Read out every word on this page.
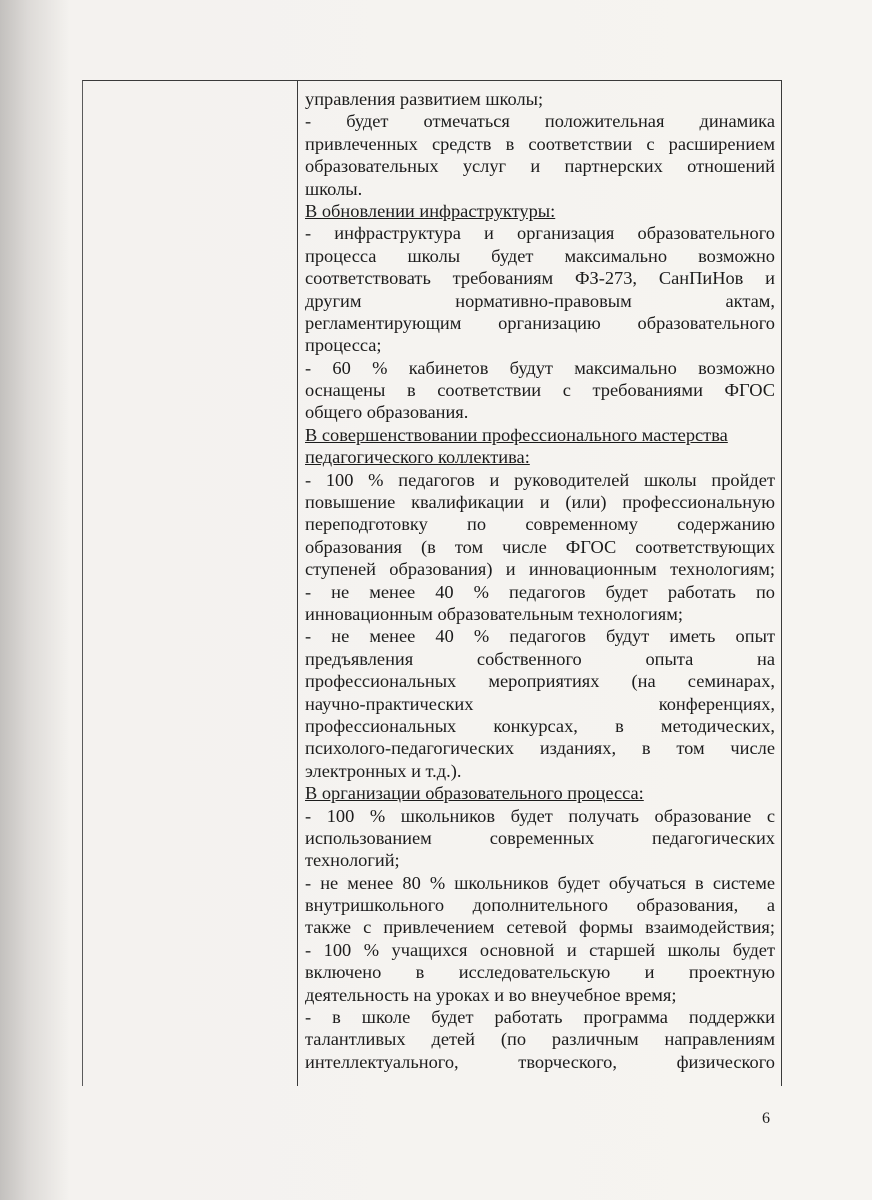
управления развитием школы;
- будет отмечаться положительная динамика
привлеченных средств в соответствии с расширением
образовательных услуг и партнерских отношений
школы.
В обновлении инфраструктуры:
- инфраструктура и организация образовательного
процесса школы будет максимально возможно
соответствовать требованиям ФЗ-273, СанПиНов и
другим нормативно-правовым актам,
регламентирующим организацию образовательного
процесса;
- 60 % кабинетов будут максимально возможно
оснащены в соответствии с требованиями ФГОС
общего образования.
В совершенствовании профессионального мастерства
педагогического коллектива:
- 100 % педагогов и руководителей школы пройдет
повышение квалификации и (или) профессиональную
переподготовку по современному содержанию
образования (в том числе ФГОС соответствующих
ступеней образования) и инновационным технологиям;
- не менее 40 % педагогов будет работать по
инновационным образовательным технологиям;
- не менее 40 % педагогов будут иметь опыт
предъявления собственного опыта на
профессиональных мероприятиях (на семинарах,
научно-практических конференциях,
профессиональных конкурсах, в методических,
психолого-педагогических изданиях, в том числе
электронных и т.д.).
В организации образовательного процесса:
- 100 % школьников будет получать образование с
использованием современных педагогических
технологий;
- не менее 80 % школьников будет обучаться в системе
внутришкольного дополнительного образования, а
также с привлечением сетевой формы взаимодействия;
- 100 % учащихся основной и старшей школы будет
включено в исследовательскую и проектную
деятельность на уроках и во внеучебное время;
- в школе будет работать программа поддержки
талантливых детей (по различным направлениям
интеллектуального, творческого, физического
6
